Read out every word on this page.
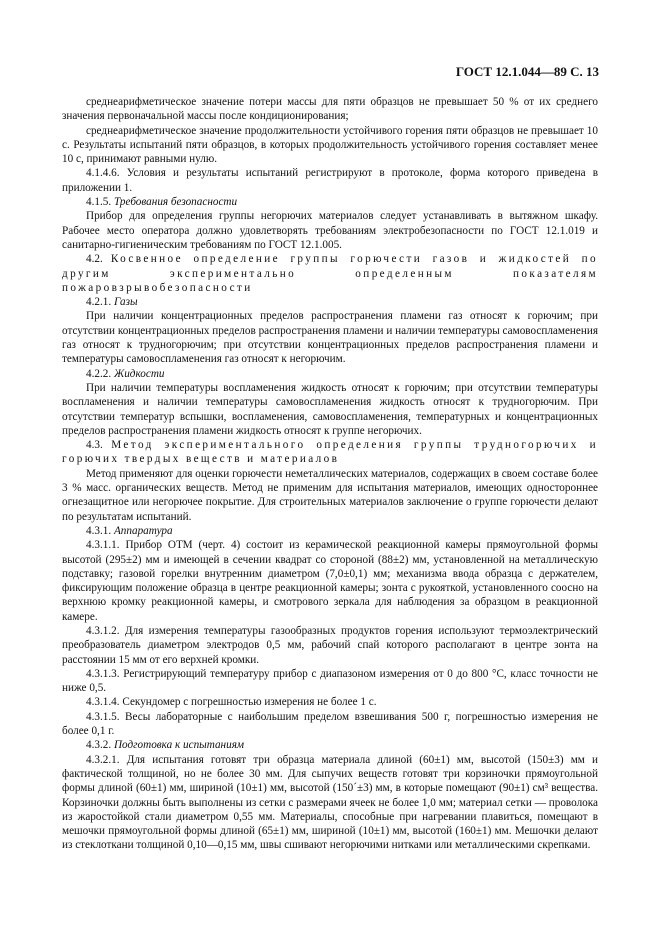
ГОСТ 12.1.044—89 С. 13

среднеарифметическое значение потери массы для пяти образцов не превышает 50 % от их среднего значения первоначальной массы после кондиционирования;

среднеарифметическое значение продолжительности устойчивого горения пяти образцов не превышает 10 с. Результаты испытаний пяти образцов, в которых продолжительность устойчивого горения составляет менее 10 с, принимают равными нулю.

4.1.4.6. Условия и результаты испытаний регистрируют в протоколе, форма которого приведена в приложении 1.

4.1.5. Требования безопасности

Прибор для определения группы негорючих материалов следует устанавливать в вытяжном шкафу. Рабочее место оператора должно удовлетворять требованиям электробезопасности по ГОСТ 12.1.019 и санитарно-гигиеническим требованиям по ГОСТ 12.1.005.

4.2. Косвенное определение группы горючести газов и жидкостей по другим экспериментально определенным показателям пожаровзрывобезопасности

4.2.1. Газы

При наличии концентрационных пределов распространения пламени газ относят к горючим; при отсутствии концентрационных пределов распространения пламени и наличии температуры самовоспламенения газ относят к трудногорючим; при отсутствии концентрационных пределов распространения пламени и температуры самовоспламенения газ относят к негорючим.

4.2.2. Жидкости

При наличии температуры воспламенения жидкость относят к горючим; при отсутствии температуры воспламенения и наличии температуры самовоспламенения жидкость относят к трудногорючим. При отсутствии температур вспышки, воспламенения, самовоспламенения, температурных и концентрационных пределов распространения пламени жидкость относят к группе негорючих.

4.3. Метод экспериментального определения группы трудногорючих и горючих твердых веществ и материалов

Метод применяют для оценки горючести неметаллических материалов, содержащих в своем составе более 3 % масс. органических веществ. Метод не применим для испытания материалов, имеющих одностороннее огнезащитное или негорючее покрытие. Для строительных материалов заключение о группе горючести делают по результатам испытаний.

4.3.1. Аппаратура

4.3.1.1. Прибор ОТМ (черт. 4) состоит из керамической реакционной камеры прямоугольной формы высотой (295±2) мм и имеющей в сечении квадрат со стороной (88±2) мм, установленной на металлическую подставку; газовой горелки внутренним диаметром (7,0±0,1) мм; механизма ввода образца с держателем, фиксирующим положение образца в центре реакционной камеры; зонта с рукояткой, установленного соосно на верхнюю кромку реакционной камеры, и смотрового зеркала для наблюдения за образцом в реакционной камере.

4.3.1.2. Для измерения температуры газообразных продуктов горения используют термоэлектрический преобразователь диаметром электродов 0,5 мм, рабочий спай которого располагают в центре зонта на расстоянии 15 мм от его верхней кромки.

4.3.1.3. Регистрирующий температуру прибор с диапазоном измерения от 0 до 800 °С, класс точности не ниже 0,5.

4.3.1.4. Секундомер с погрешностью измерения не более 1 с.

4.3.1.5. Весы лабораторные с наибольшим пределом взвешивания 500 г, погрешностью измерения не более 0,1 г.

4.3.2. Подготовка к испытаниям

4.3.2.1. Для испытания готовят три образца материала длиной (60±1) мм, высотой (150±3) мм и фактической толщиной, но не более 30 мм. Для сыпучих веществ готовят три корзиночки прямоугольной формы длиной (60±1) мм, шириной (10±1) мм, высотой (150´±3) мм, в которые помещают (90±1) см³ вещества. Корзиночки должны быть выполнены из сетки с размерами ячеек не более 1,0 мм; материал сетки — проволока из жаростойкой стали диаметром 0,55 мм. Материалы, способные при нагревании плавиться, помещают в мешочки прямоугольной формы длиной (65±1) мм, шириной (10±1) мм, высотой (160±1) мм. Мешочки делают из стеклоткани толщиной 0,10—0,15 мм, швы сшивают негорючими нитками или металлическими скрепками.
